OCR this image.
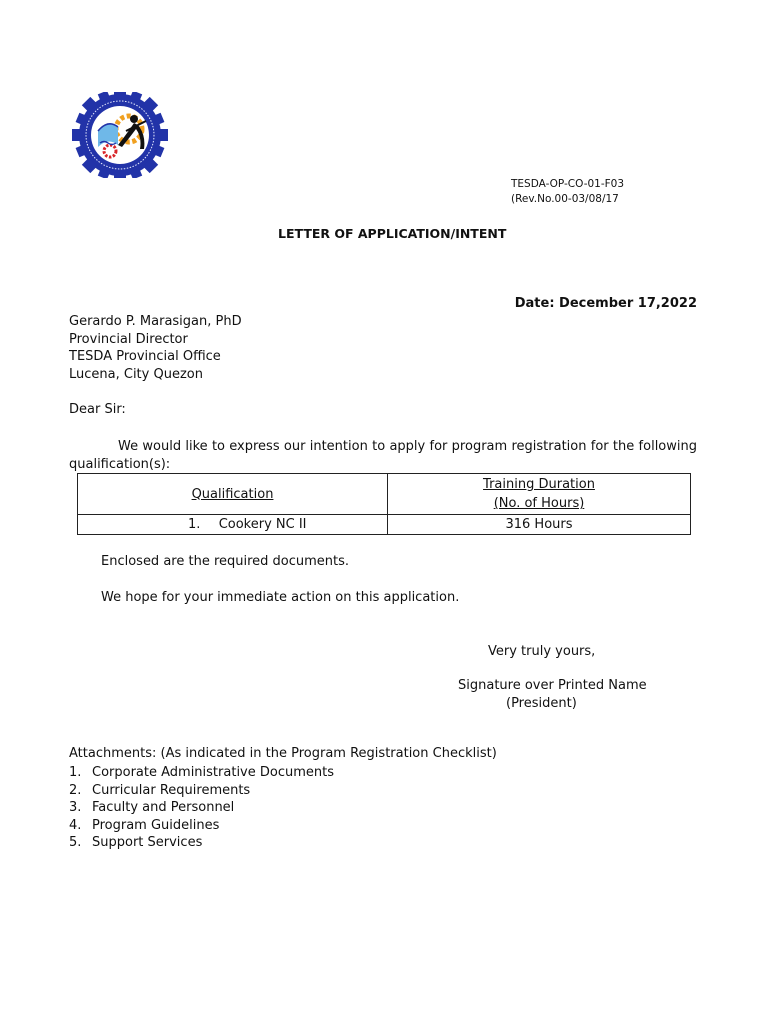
TESDA-OP-CO-01-F03
(Rev.No.00-03/08/17
LETTER OF APPLICATION/INTENT
Date: December 17,2022
Gerardo P. Marasigan, PhD
Provincial Director
TESDA Provincial Office
Lucena, City Quezon
Dear Sir:
We would like to express our intention to apply for program registration for the following qualification(s):
Qualification	Training Duration
(No. of Hours)

1. Cookery NC II	316 Hours
Enclosed are the required documents.
We hope for your immediate action on this application.
Very truly yours,
Signature over Printed Name
(President)
Attachments: (As indicated in the Program Registration Checklist)
1. Corporate Administrative Documents
2. Curricular Requirements
3. Faculty and Personnel
4. Program Guidelines
5. Support Services
